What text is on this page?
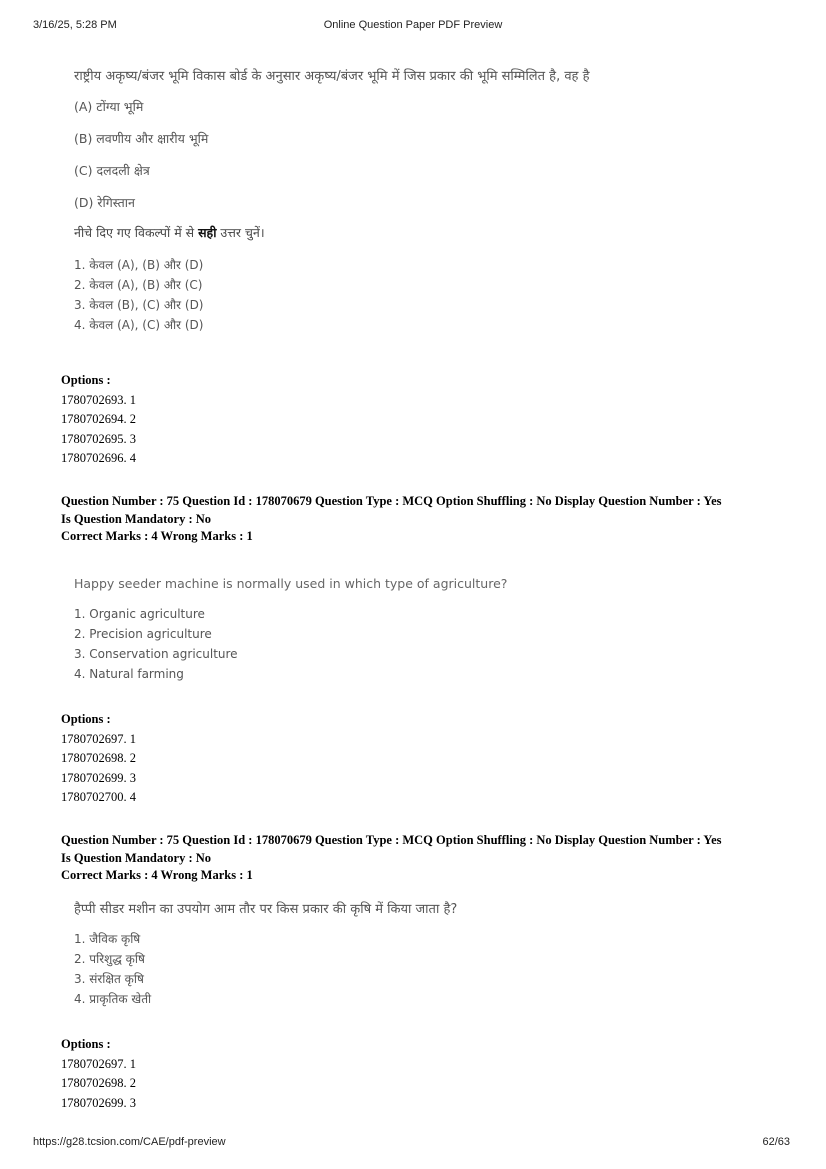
3/16/25, 5:28 PM	Online Question Paper PDF Preview

राष्ट्रीय अकृष्य/बंजर भूमि विकास बोर्ड के अनुसार अकृष्य/बंजर भूमि में जिस प्रकार की भूमि सम्मिलित है, वह है

(A) टोंग्या भूमि

(B) लवणीय और क्षारीय भूमि

(C) दलदली क्षेत्र

(D) रेगिस्तान

नीचे दिए गए विकल्पों में से सही उत्तर चुनें।

1. केवल (A), (B) और (D)
2. केवल (A), (B) और (C)
3. केवल (B), (C) और (D)
4. केवल (A), (C) और (D)
Options :
1780702693. 1
1780702694. 2
1780702695. 3
1780702696. 4
Question Number : 75 Question Id : 178070679 Question Type : MCQ Option Shuffling : No Display Question Number : Yes
Is Question Mandatory : No
Correct Marks : 4 Wrong Marks : 1

Happy seeder machine is normally used in which type of agriculture?

1. Organic agriculture
2. Precision agriculture
3. Conservation agriculture
4. Natural farming
Options :
1780702697. 1
1780702698. 2
1780702699. 3
1780702700. 4
Question Number : 75 Question Id : 178070679 Question Type : MCQ Option Shuffling : No Display Question Number : Yes
Is Question Mandatory : No
Correct Marks : 4 Wrong Marks : 1

हैप्पी सीडर मशीन का उपयोग आम तौर पर किस प्रकार की कृषि में किया जाता है?

1. जैविक कृषि
2. परिशुद्ध कृषि
3. संरक्षित कृषि
4. प्राकृतिक खेती
Options :
1780702697. 1
1780702698. 2
1780702699. 3
https://g28.tcsion.com/CAE/pdf-preview	62/63
